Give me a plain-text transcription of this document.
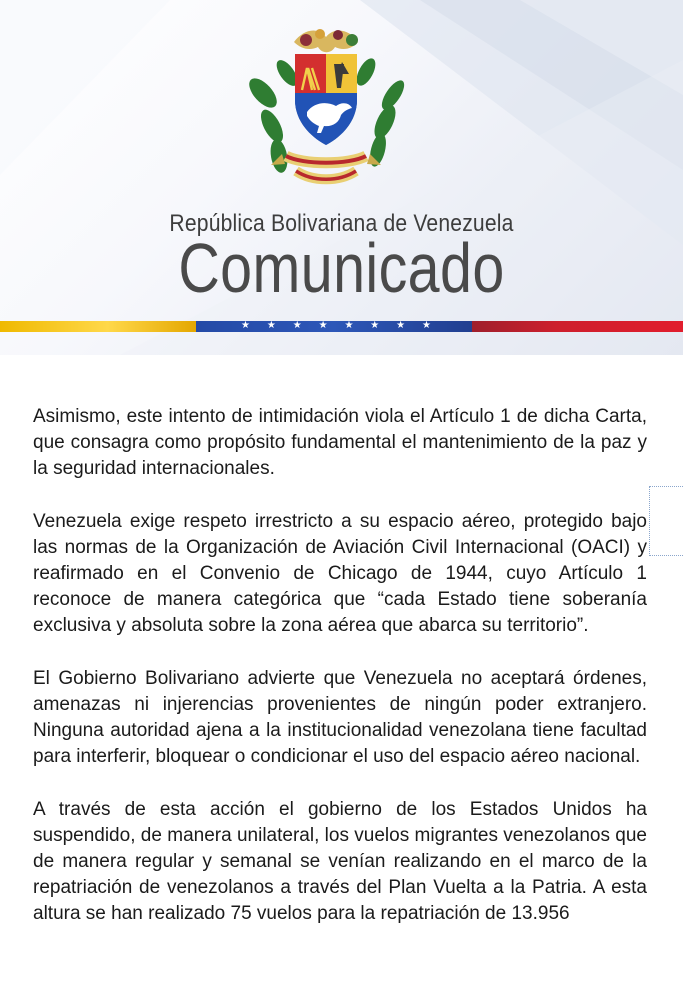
República Bolivariana de Venezuela
Comunicado
★ ★ ★ ★ ★ ★ ★ ★

Asimismo, este intento de intimidación viola el Artículo 1 de dicha Carta, que consagra como propósito fundamental el mantenimiento de la paz y la seguridad internacionales.

Venezuela exige respeto irrestricto a su espacio aéreo, protegido bajo las normas de la Organización de Aviación Civil Internacional (OACI) y reafirmado en el Convenio de Chicago de 1944, cuyo Artículo 1 reconoce de manera categórica que “cada Estado tiene soberanía exclusiva y absoluta sobre la zona aérea que abarca su territorio”.

El Gobierno Bolivariano advierte que Venezuela no aceptará órdenes, amenazas ni injerencias provenientes de ningún poder extranjero. Ninguna autoridad ajena a la institucionalidad venezolana tiene facultad para interferir, bloquear o condicionar el uso del espacio aéreo nacional.

A través de esta acción el gobierno de los Estados Unidos ha suspendido, de manera unilateral, los vuelos migrantes venezolanos que de manera regular y semanal se venían realizando en el marco de la repatriación de venezolanos a través del Plan Vuelta a la Patria. A esta altura se han realizado 75 vuelos para la repatriación de 13.956
